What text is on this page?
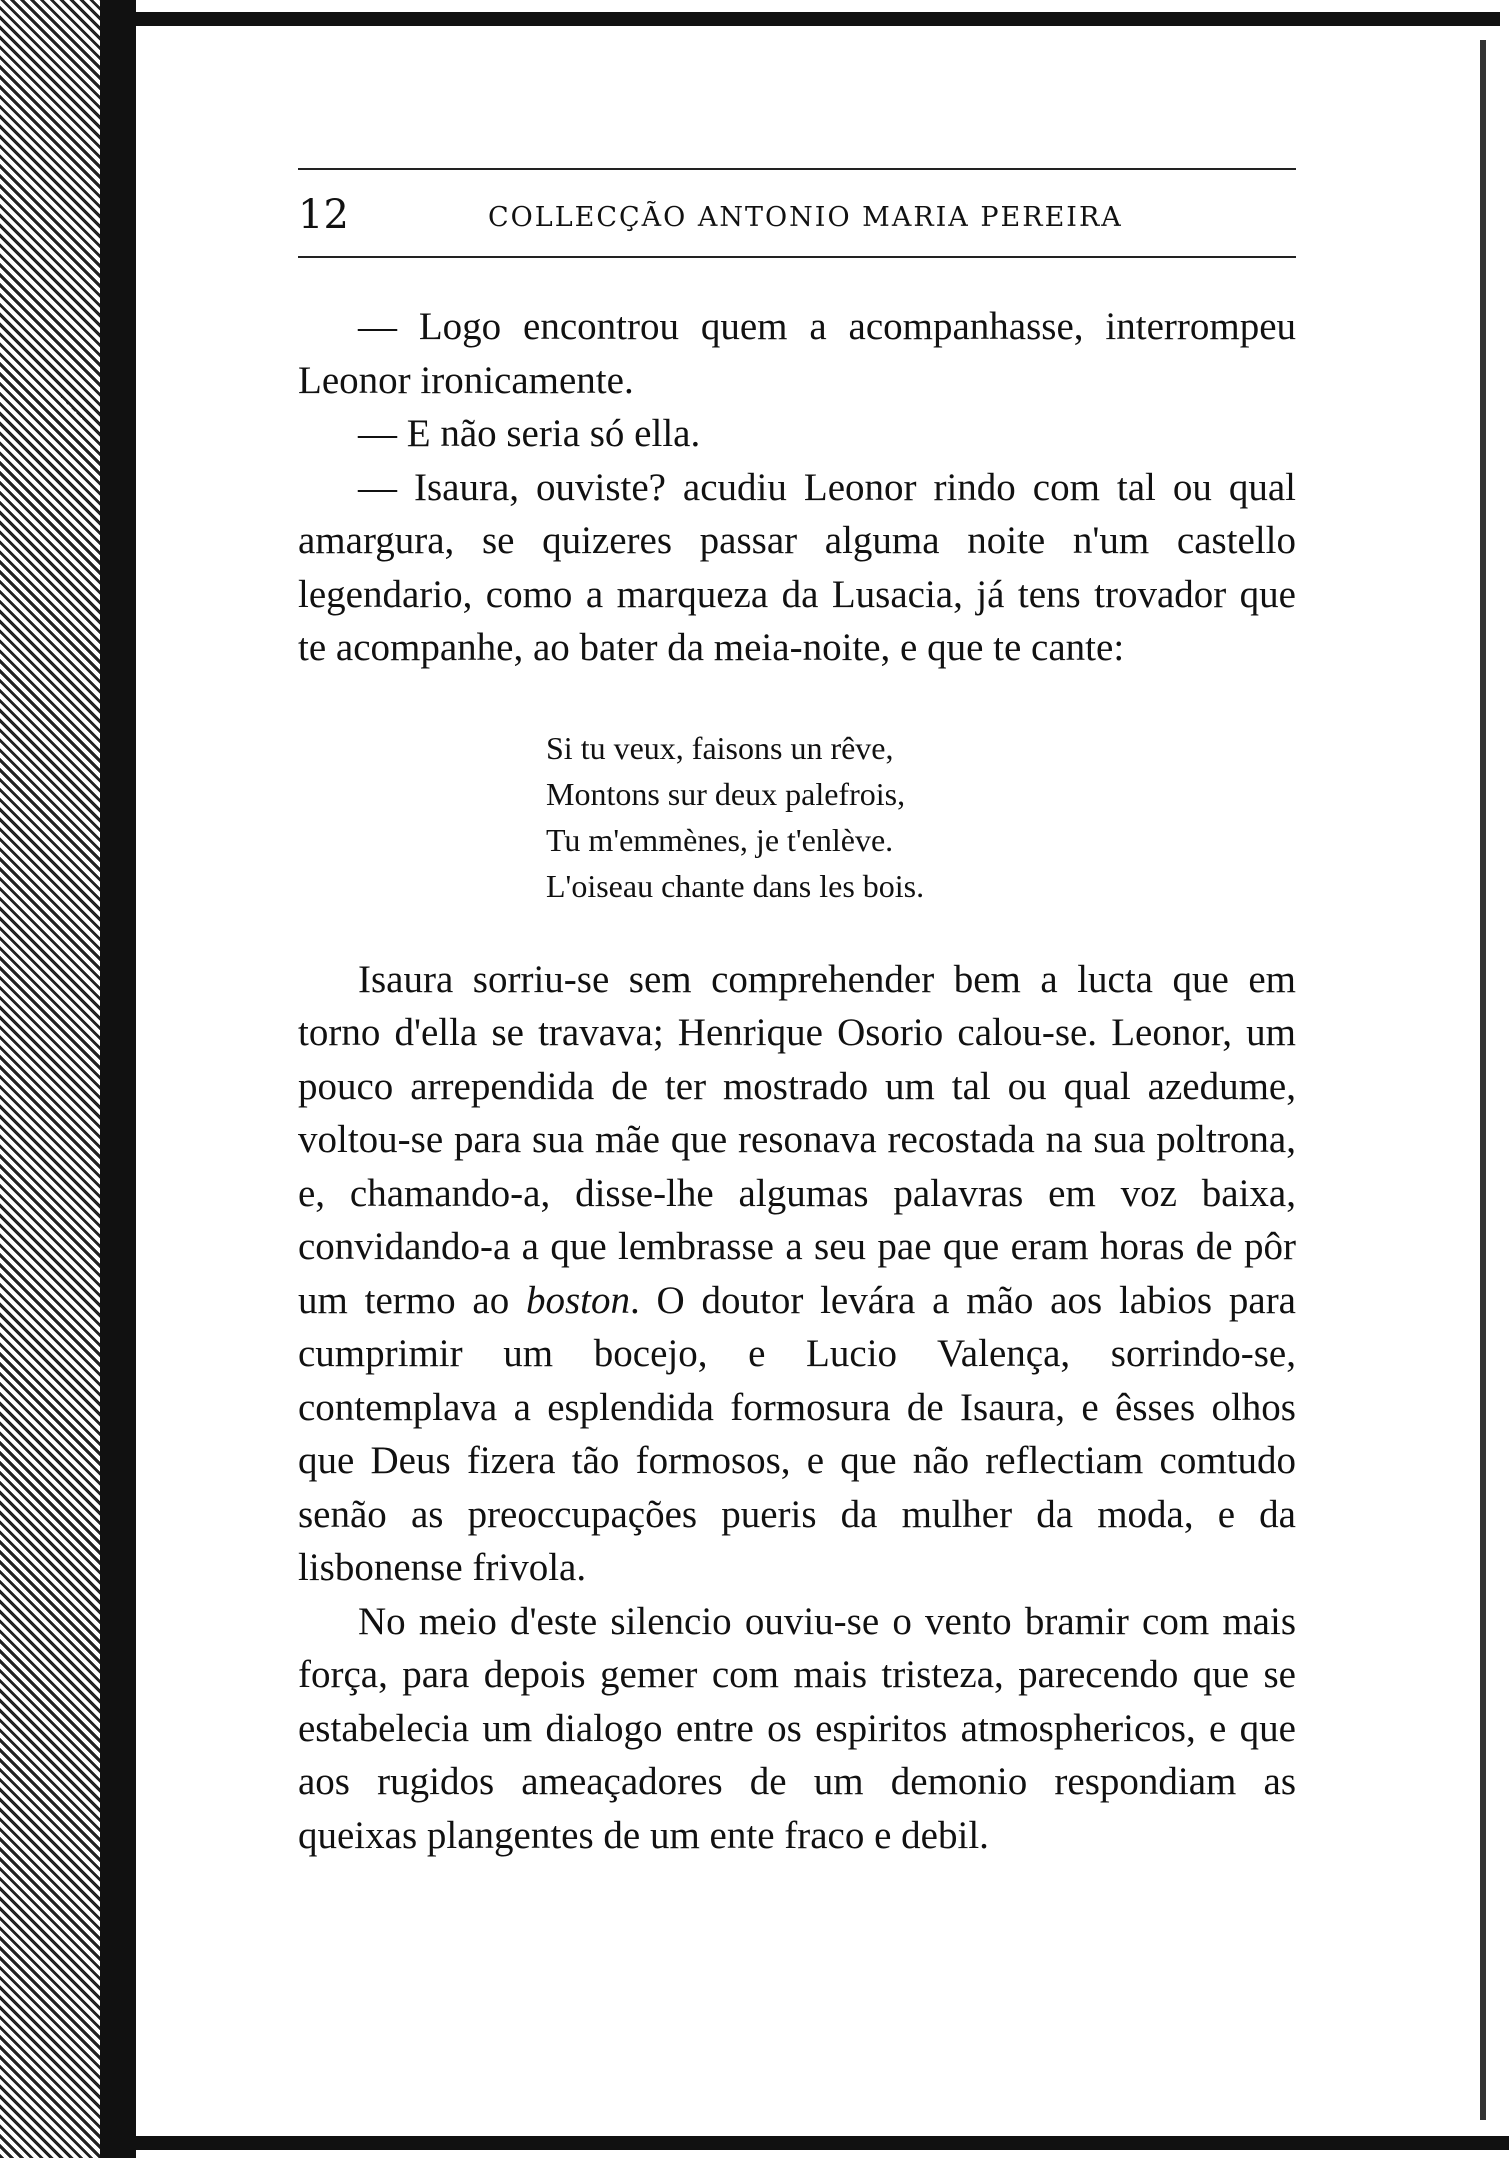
12	COLLECÇÃO ANTONIO MARIA PEREIRA

— Logo encontrou quem a acompanhasse, interrompeu Leonor ironicamente.

— E não seria só ella.

— Isaura, ouviste? acudiu Leonor rindo com tal ou qual amargura, se quizeres passar alguma noite n'um castello legendario, como a marqueza da Lusacia, já tens trovador que te acompanhe, ao bater da meia-noite, e que te cante:

Si tu veux, faisons un rêve,
Montons sur deux palefrois,
Tu m'emmènes, je t'enlève.
L'oiseau chante dans les bois.

Isaura sorriu-se sem comprehender bem a lucta que em torno d'ella se travava; Henrique Osorio calou-se. Leonor, um pouco arrependida de ter mostrado um tal ou qual azedume, voltou-se para sua mãe que resonava recostada na sua poltrona, e, chamando-a, disse-lhe algumas palavras em voz baixa, convidando-a a que lembrasse a seu pae que eram horas de pôr um termo ao boston. O doutor levára a mão aos labios para cumprimir um bocejo, e Lucio Valença, sorrindo-se, contemplava a esplendida formosura de Isaura, e êsses olhos que Deus fizera tão formosos, e que não reflectiam comtudo senão as preoccupações pueris da mulher da moda, e da lisbonense frivola.

No meio d'este silencio ouviu-se o vento bramir com mais força, para depois gemer com mais tristeza, parecendo que se estabelecia um dialogo entre os espiritos atmosphericos, e que aos rugidos ameaçadores de um demonio respondiam as queixas plangentes de um ente fraco e debil.
